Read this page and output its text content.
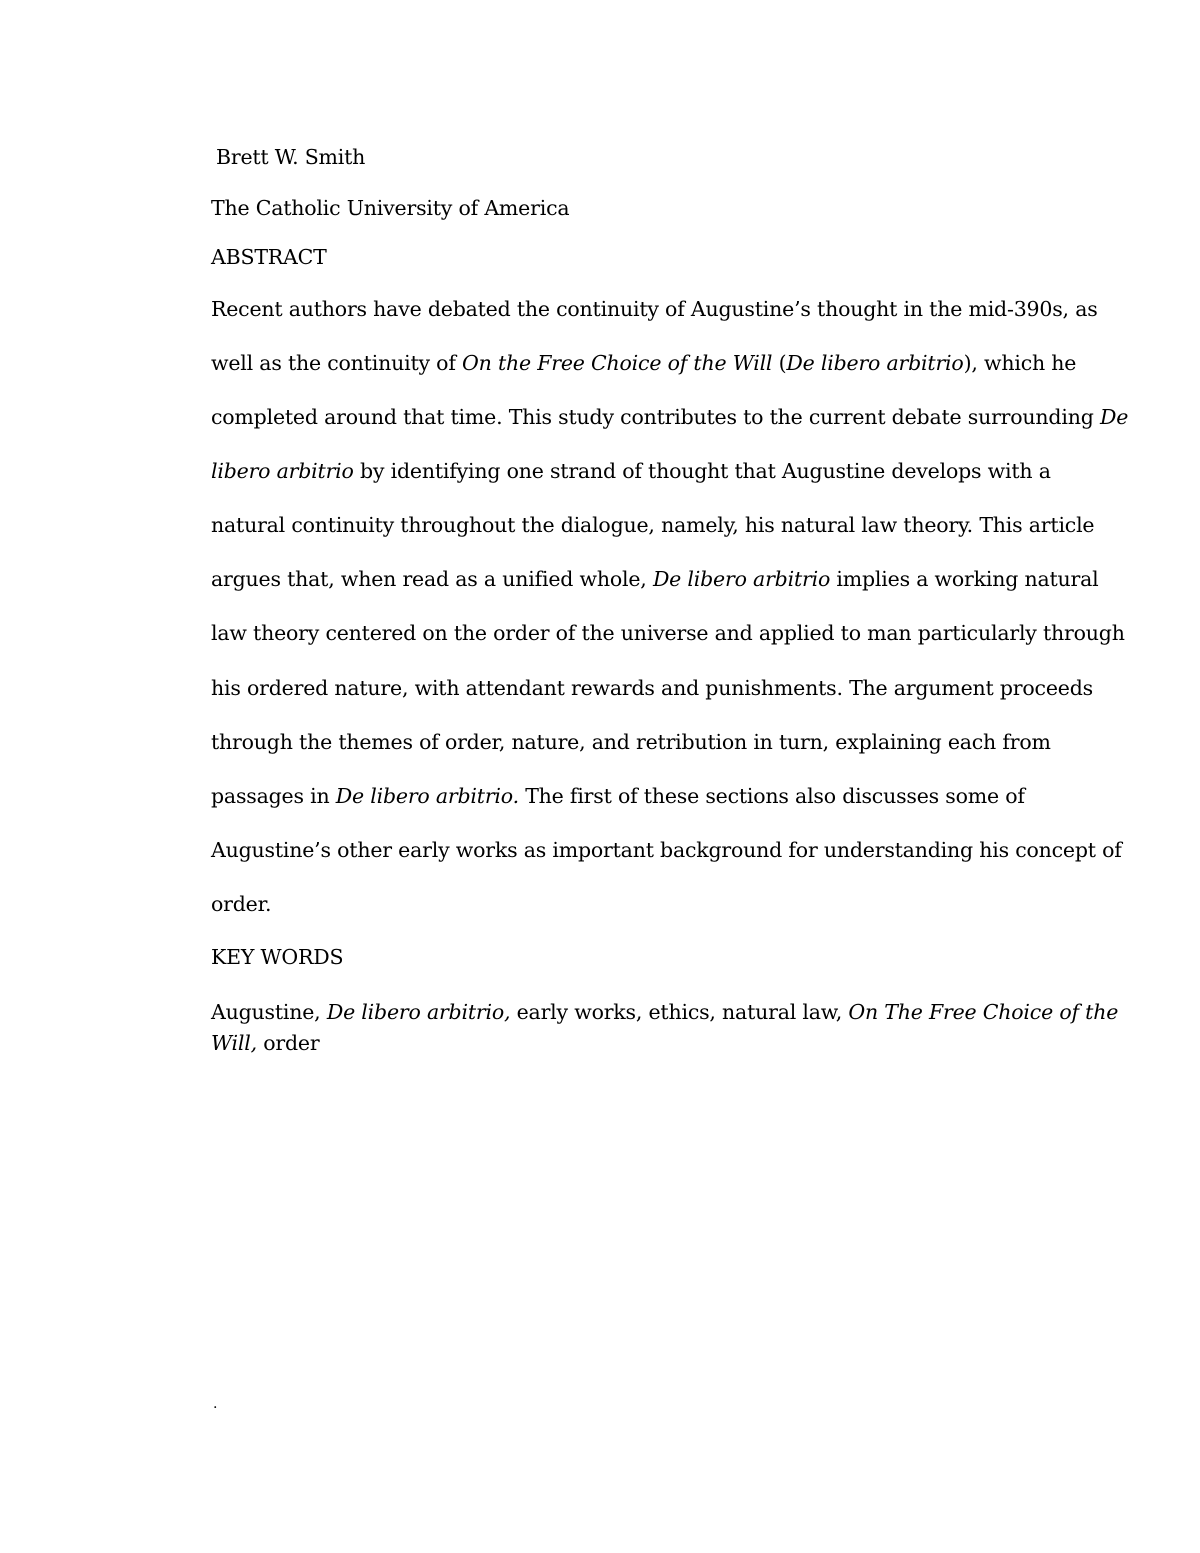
Brett W. Smith
The Catholic University of America
ABSTRACT
Recent authors have debated the continuity of Augustine’s thought in the mid-390s, as
well as the continuity of On the Free Choice of the Will (De libero arbitrio), which he
completed around that time. This study contributes to the current debate surrounding De
libero arbitrio by identifying one strand of thought that Augustine develops with a
natural continuity throughout the dialogue, namely, his natural law theory. This article
argues that, when read as a unified whole, De libero arbitrio implies a working natural
law theory centered on the order of the universe and applied to man particularly through
his ordered nature, with attendant rewards and punishments. The argument proceeds
through the themes of order, nature, and retribution in turn, explaining each from
passages in De libero arbitrio. The first of these sections also discusses some of
Augustine’s other early works as important background for understanding his concept of
order.
KEY WORDS
Augustine, De libero arbitrio, early works, ethics, natural law, On The Free Choice of the
Will, order
.
